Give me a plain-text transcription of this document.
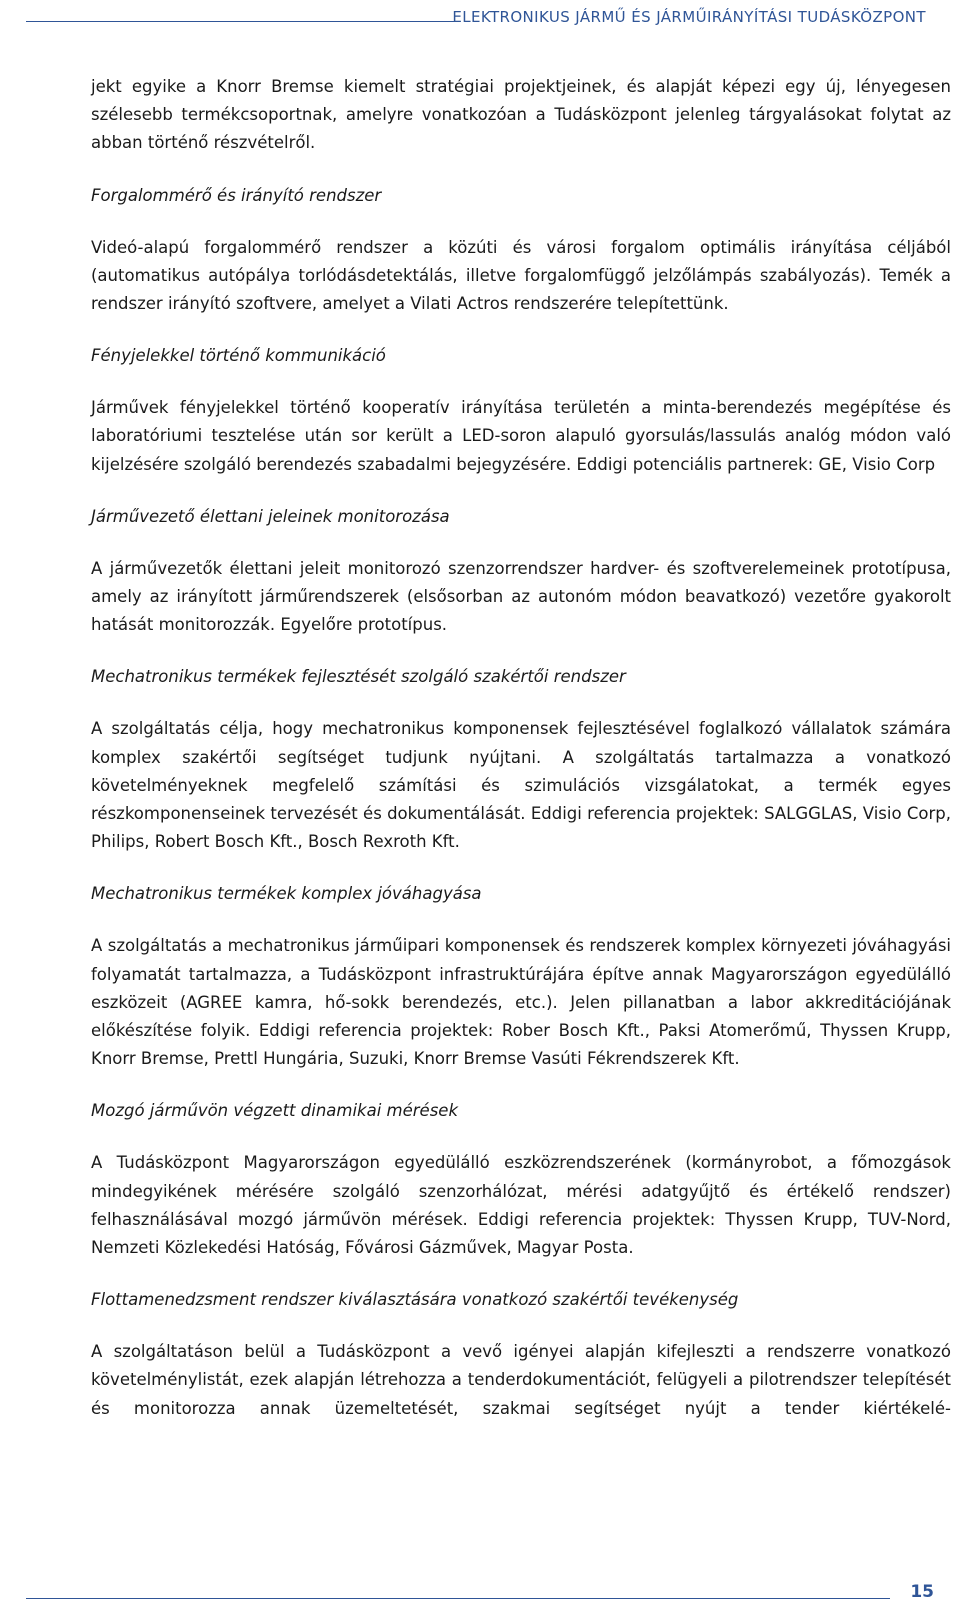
ELEKTRONIKUS JÁRMŰ ÉS JÁRMŰIRÁNYÍTÁSI TUDÁSKÖZPONT

jekt egyike a Knorr Bremse kiemelt stratégiai projektjeinek, és alapját képezi egy új, lényegesen szélesebb termékcsoportnak, amelyre vonatkozóan a Tudásközpont jelenleg tárgyalásokat folytat az abban történő részvételről.

Forgalommérő és irányító rendszer

Videó-alapú forgalommérő rendszer a közúti és városi forgalom optimális irányítása céljából (automatikus autópálya torlódásdetektálás, illetve forgalomfüggő jelzőlámpás szabályozás). Temék a rendszer irányító szoftvere, amelyet a Vilati Actros rendszerére telepítettünk.

Fényjelekkel történő kommunikáció

Járművek fényjelekkel történő kooperatív irányítása területén a minta-berendezés megépítése és laboratóriumi tesztelése után sor került a LED-soron alapuló gyorsulás/lassulás analóg módon való kijelzésére szolgáló berendezés szabadalmi bejegyzésére. Eddigi potenciális partnerek: GE, Visio Corp

Járművezető élettani jeleinek monitorozása

A járművezetők élettani jeleit monitorozó szenzorrendszer hardver- és szoftverelemeinek prototípusa, amely az irányított járműrendszerek (elsősorban az autonóm módon beavatkozó) vezetőre gyakorolt hatását monitorozzák. Egyelőre prototípus.

Mechatronikus termékek fejlesztését szolgáló szakértői rendszer

A szolgáltatás célja, hogy mechatronikus komponensek fejlesztésével foglalkozó vállalatok számára komplex szakértői segítséget tudjunk nyújtani. A szolgáltatás tartalmazza a vonatkozó követelményeknek megfelelő számítási és szimulációs vizsgálatokat, a termék egyes részkomponenseinek tervezését és dokumentálását. Eddigi referencia projektek: SALGGLAS, Visio Corp, Philips, Robert Bosch Kft., Bosch Rexroth Kft.

Mechatronikus termékek komplex jóváhagyása

A szolgáltatás a mechatronikus járműipari komponensek és rendszerek komplex környezeti jóváhagyási folyamatát tartalmazza, a Tudásközpont infrastruktúrájára építve annak Magyarországon egyedülálló eszközeit (AGREE kamra, hő-sokk berendezés, etc.). Jelen pillanatban a labor akkreditációjának előkészítése folyik. Eddigi referencia projektek: Rober Bosch Kft., Paksi Atomerőmű, Thyssen Krupp, Knorr Bremse, Prettl Hungária, Suzuki, Knorr Bremse Vasúti Fékrendszerek Kft.

Mozgó járművön végzett dinamikai mérések

A Tudásközpont Magyarországon egyedülálló eszközrendszerének (kormányrobot, a főmozgások mindegyikének mérésére szolgáló szenzorhálózat, mérési adatgyűjtő és értékelő rendszer) felhasználásával mozgó járművön mérések. Eddigi referencia projektek: Thyssen Krupp, TUV-Nord, Nemzeti Közlekedési Hatóság, Fővárosi Gázművek, Magyar Posta.

Flottamenedzsment rendszer kiválasztására vonatkozó szakértői tevékenység

A szolgáltatáson belül a Tudásközpont a vevő igényei alapján kifejleszti a rendszerre vonatkozó követelménylistát, ezek alapján létrehozza a tenderdokumentációt, felügyeli a pilotrendszer telepítését és monitorozza annak üzemeltetését, szakmai segítséget nyújt a tender kiértékelé-

15
